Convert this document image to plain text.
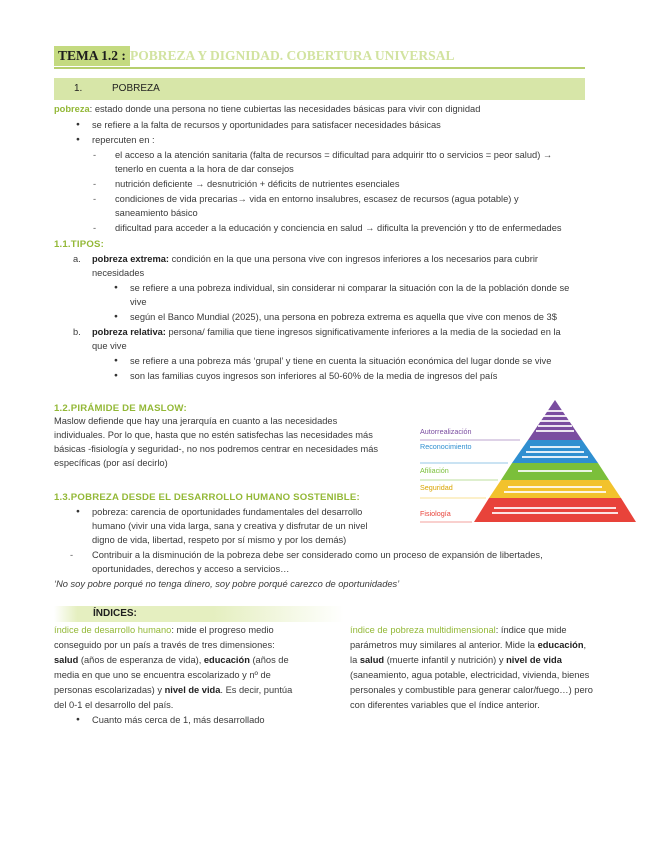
TEMA 1.2 : POBREZA Y DIGNIDAD. COBERTURA UNIVERSAL
1.	POBREZA
pobreza: estado donde una persona no tiene cubiertas las necesidades básicas para vivir con dignidad
● se refiere a la falta de recursos y oportunidades para satisfacer necesidades básicas
● repercuten en :
- el acceso a la atención sanitaria (falta de recursos = dificultad para adquirir tto o servicios = peor salud) →
tenerlo en cuenta a la hora de dar consejos
- nutrición deficiente → desnutrición + déficits de nutrientes esenciales
- condiciones de vida precarias→ vida en entorno insalubres, escasez de recursos (agua potable) y
saneamiento básico
- dificultad para acceder a la educación y conciencia en salud → dificulta la prevención y tto de enfermedades
1.1.TIPOS:
a. pobreza extrema: condición en la que una persona vive con ingresos inferiores a los necesarios para cubrir
necesidades
● se refiere a una pobreza individual, sin considerar ni comparar la situación con la de la población donde se
vive
● según el Banco Mundial (2025), una persona en pobreza extrema es aquella que vive con menos de 3$
b. pobreza relativa: persona/ familia que tiene ingresos significativamente inferiores a la media de la sociedad en la
que vive
● se refiere a una pobreza más ‘grupal’ y tiene en cuenta la situación económica del lugar donde se vive
● son las familias cuyos ingresos son inferiores al 50-60% de la media de ingresos del país
1.2.PIRÁMIDE DE MASLOW:
Maslow defiende que hay una jerarquía en cuanto a las necesidades
individuales. Por lo que, hasta que no estén satisfechas las necesidades más
básicas -fisiología y seguridad-, no nos podremos centrar en necesidades más
específicas (por así decirlo)
Autorrealización
Reconocimiento
Afiliación
Seguridad
Fisiología
1.3.POBREZA DESDE EL DESARROLLO HUMANO SOSTENIBLE:
● pobreza: carencia de oportunidades fundamentales del desarrollo
humano (vivir una vida larga, sana y creativa y disfrutar de un nivel
digno de vida, libertad, respeto por sí mismo y por los demás)
- Contribuir a la disminución de la pobreza debe ser considerado como un proceso de expansión de libertades,
oportunidades, derechos y acceso a servicios…
‘No soy pobre porqué no tenga dinero, soy pobre porqué carezco de oportunidades’
ÍNDICES:
índice de desarrollo humano: mide el progreso medio
conseguido por un país a través de tres dimensiones:
salud (años de esperanza de vida), educación (años de
media en que uno se encuentra escolarizado y nº de
personas escolarizadas) y nivel de vida. Es decir, puntúa
del 0-1 el desarrollo del país.
● Cuanto más cerca de 1, más desarrollado
índice de pobreza multidimensional: índice que mide
parámetros muy similares al anterior. Mide la educación,
la salud (muerte infantil y nutrición) y nivel de vida
(saneamiento, agua potable, electricidad, vivienda, bienes
personales y combustible para generar calor/fuego…) pero
con diferentes variables que el índice anterior.
